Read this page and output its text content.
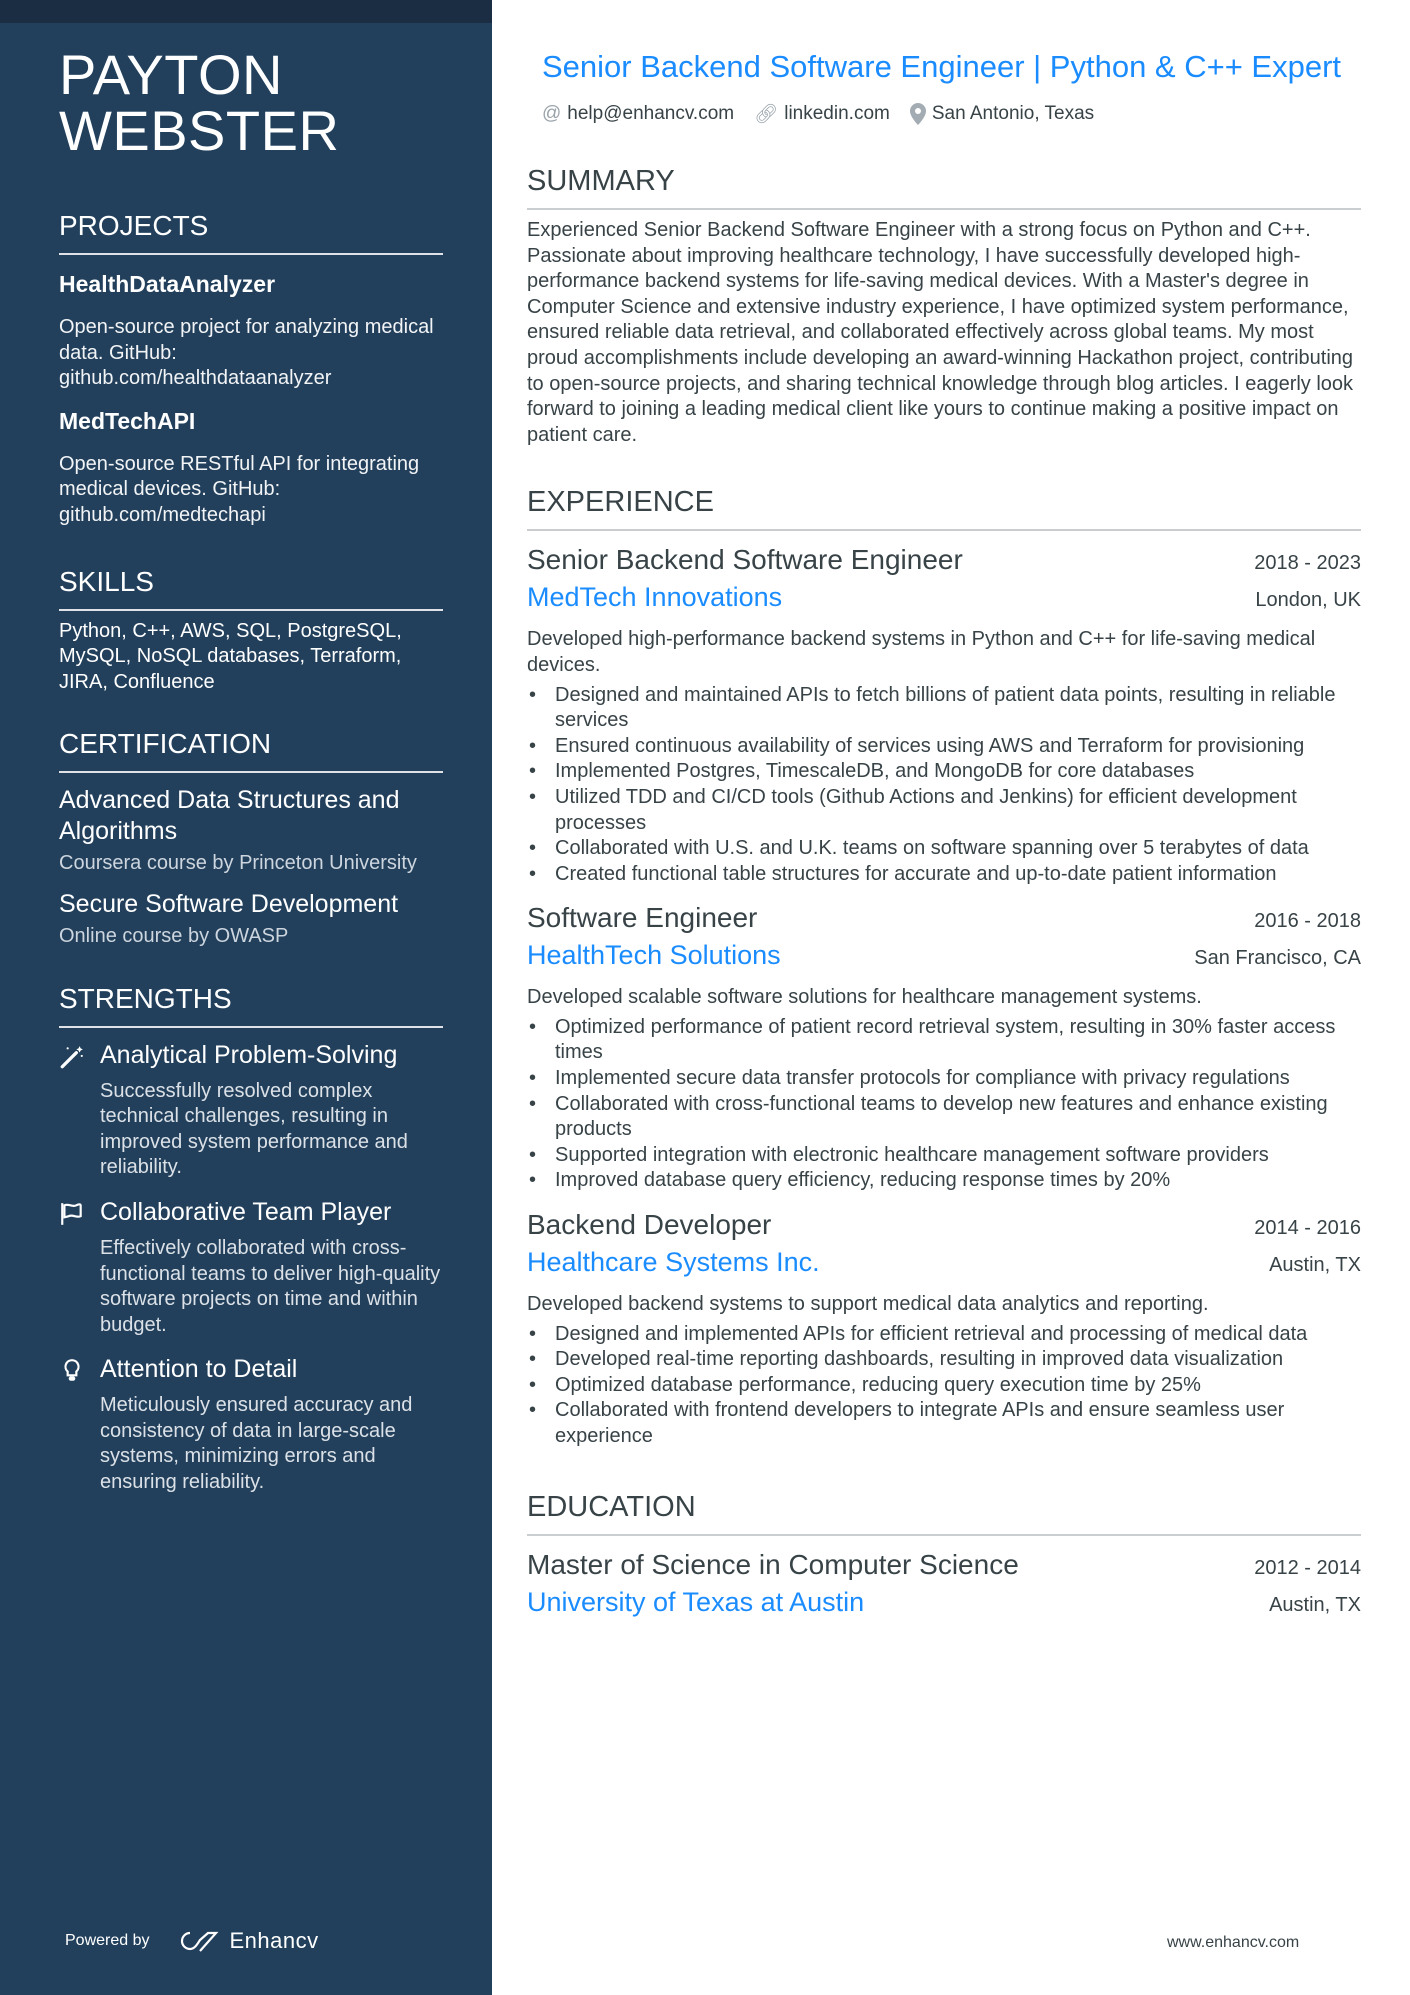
PAYTON
WEBSTER
PROJECTS
HealthDataAnalyzer
Open-source project for analyzing medical data. GitHub: github.com/healthdataanalyzer
MedTechAPI
Open-source RESTful API for integrating medical devices. GitHub: github.com/medtechapi
SKILLS
Python, C++, AWS, SQL, PostgreSQL, MySQL, NoSQL databases, Terraform, JIRA, Confluence
CERTIFICATION
Advanced Data Structures and Algorithms
Coursera course by Princeton University
Secure Software Development
Online course by OWASP
STRENGTHS
Analytical Problem-Solving
Successfully resolved complex technical challenges, resulting in improved system performance and reliability.
Collaborative Team Player
Effectively collaborated with cross-functional teams to deliver high-quality software projects on time and within budget.
Attention to Detail
Meticulously ensured accuracy and consistency of data in large-scale systems, minimizing errors and ensuring reliability.
Powered by	Enhancv
Senior Backend Software Engineer | Python & C++ Expert
@ help@enhancv.com 🔗︎ linkedin.com San Antonio, Texas
SUMMARY
Experienced Senior Backend Software Engineer with a strong focus on Python and C++. Passionate about improving healthcare technology, I have successfully developed high-performance backend systems for life-saving medical devices. With a Master's degree in Computer Science and extensive industry experience, I have optimized system performance, ensured reliable data retrieval, and collaborated effectively across global teams. My most proud accomplishments include developing an award-winning Hackathon project, contributing to open-source projects, and sharing technical knowledge through blog articles. I eagerly look forward to joining a leading medical client like yours to continue making a positive impact on patient care.
EXPERIENCE
Senior Backend Software Engineer	2018 - 2023
MedTech Innovations	London, UK
Developed high-performance backend systems in Python and C++ for life-saving medical devices.
• Designed and maintained APIs to fetch billions of patient data points, resulting in reliable services
• Ensured continuous availability of services using AWS and Terraform for provisioning
• Implemented Postgres, TimescaleDB, and MongoDB for core databases
• Utilized TDD and CI/CD tools (Github Actions and Jenkins) for efficient development processes
• Collaborated with U.S. and U.K. teams on software spanning over 5 terabytes of data
• Created functional table structures for accurate and up-to-date patient information
Software Engineer	2016 - 2018
HealthTech Solutions	San Francisco, CA
Developed scalable software solutions for healthcare management systems.
• Optimized performance of patient record retrieval system, resulting in 30% faster access times
• Implemented secure data transfer protocols for compliance with privacy regulations
• Collaborated with cross-functional teams to develop new features and enhance existing products
• Supported integration with electronic healthcare management software providers
• Improved database query efficiency, reducing response times by 20%
Backend Developer	2014 - 2016
Healthcare Systems Inc.	Austin, TX
Developed backend systems to support medical data analytics and reporting.
• Designed and implemented APIs for efficient retrieval and processing of medical data
• Developed real-time reporting dashboards, resulting in improved data visualization
• Optimized database performance, reducing query execution time by 25%
• Collaborated with frontend developers to integrate APIs and ensure seamless user experience
EDUCATION
Master of Science in Computer Science	2012 - 2014
University of Texas at Austin	Austin, TX
www.enhancv.com
